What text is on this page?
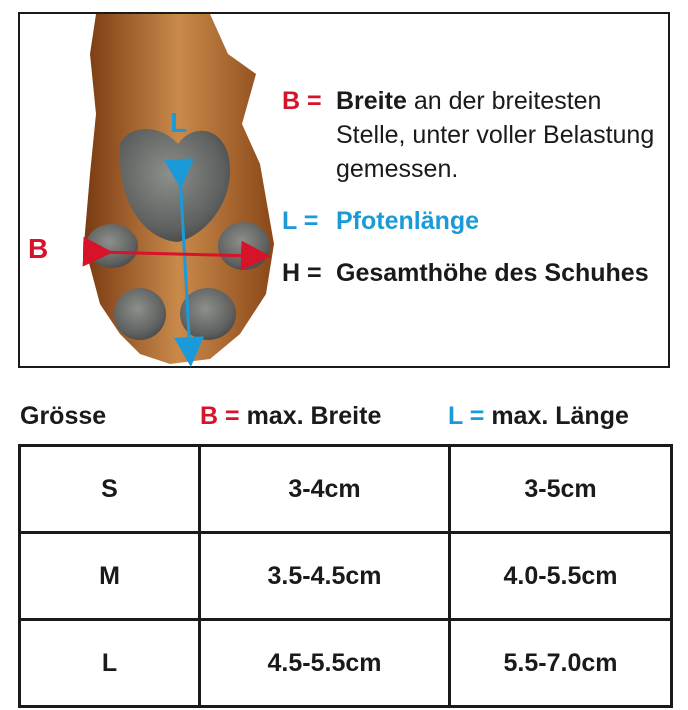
L
B
B = Breite an der breitesten Stelle, unter voller Belastung gemessen.
L = Pfotenlänge
H = Gesamthöhe des Schuhes
Grösse	B = max. Breite	L = max. Länge
S	3-4cm	3-5cm
M	3.5-4.5cm	4.0-5.5cm
L	4.5-5.5cm	5.5-7.0cm
